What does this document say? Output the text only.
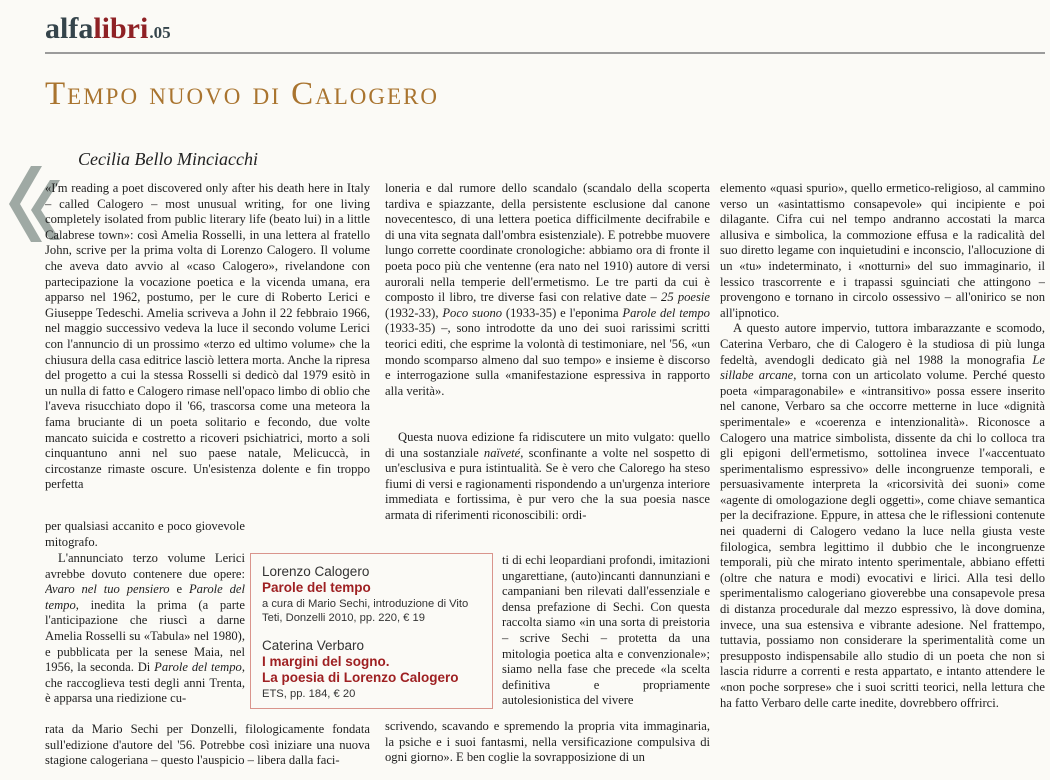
alfalibri.05
Tempo nuovo di Calogero

Cecilia Bello Minciacchi

«I'm reading a poet discovered only after his death here in Italy – called Calogero – most unusual writing, for one living completely isolated from public literary life (beato lui) in a little Calabrese town»: così Amelia Rosselli, in una lettera al fratello John, scrive per la prima volta di Lorenzo Calogero. Il volume che aveva dato avvio al «caso Calogero», rivelandone con partecipazione la vocazione poetica e la vicenda umana, era apparso nel 1962, postumo, per le cure di Roberto Lerici e Giuseppe Tedeschi. Amelia scriveva a John il 22 febbraio 1966, nel maggio successivo vedeva la luce il secondo volume Lerici con l'annuncio di un prossimo «terzo ed ultimo volume» che la chiusura della casa editrice lasciò lettera morta. Anche la ripresa del progetto a cui la stessa Rosselli si dedicò dal 1979 esitò in un nulla di fatto e Calogero rimase nell'opaco limbo di oblio che l'aveva risucchiato dopo il '66, trascorsa come una meteora la fama bruciante di un poeta solitario e fecondo, due volte mancato suicida e costretto a ricoveri psichiatrici, morto a soli cinquantuno anni nel suo paese natale, Melicuccà, in circostanze rimaste oscure. Un'esistenza dolente e fin troppo perfetta
per qualsiasi accanito e poco giovevole mitografo.
L'annunciato terzo volume Lerici avrebbe dovuto contenere due opere: Avaro nel tuo pensiero e Parole del tempo, inedita la prima (a parte l'anticipazione che riuscì a darne Amelia Rosselli su «Tabula» nel 1980), e pubblicata per la senese Maia, nel 1956, la seconda. Di Parole del tempo, che raccoglieva testi degli anni Trenta, è apparsa una riedizione cu-
rata da Mario Sechi per Donzelli, filologicamente fondata sull'edizione d'autore del '56. Potrebbe così iniziare una nuova stagione calogeriana – questo l'auspicio – libera dalla faci-
loneria e dal rumore dello scandalo (scandalo della scoperta tardiva e spiazzante, della persistente esclusione dal canone novecentesco, di una lettera poetica difficilmente decifrabile e di una vita segnata dall'ombra esistenziale). E potrebbe muovere lungo corrette coordinate cronologiche: abbiamo ora di fronte il poeta poco più che ventenne (era nato nel 1910) autore di versi aurorali nella temperie dell'ermetismo. Le tre parti da cui è composto il libro, tre diverse fasi con relative date – 25 poesie (1932-33), Poco suono (1933-35) e l'eponima Parole del tempo (1933-35) –, sono introdotte da uno dei suoi rarissimi scritti teorici editi, che esprime la volontà di testimoniare, nel '56, «un mondo scomparso almeno dal suo tempo» e insieme è discorso e interrogazione sulla «manifestazione espressiva in rapporto alla verità».
Questa nuova edizione fa ridiscutere un mito vulgato: quello di una sostanziale naïveté, sconfinante a volte nel sospetto di un'esclusiva e pura istintualità. Se è vero che Calorego ha steso fiumi di versi e ragionamenti rispondendo a un'urgenza interiore immediata e fortissima, è pur vero che la sua poesia nasce armata di riferimenti riconoscibili: ordi-
ti di echi leopardiani profondi, imitazioni ungarettiane, (auto)incanti dannunziani e campaniani ben rilevati dall'essenziale e densa prefazione di Sechi. Con questa raccolta siamo «in una sorta di preistoria – scrive Sechi – protetta da una mitologia poetica alta e convenzionale»; siamo nella fase che precede «la scelta definitiva e propriamente autolesionistica del vivere
scrivendo, scavando e spremendo la propria vita immaginaria, la psiche e i suoi fantasmi, nella versificazione compulsiva di ogni giorno». E ben coglie la sovrapposizione di un
elemento «quasi spurio», quello ermetico-religioso, al cammino verso un «asintattismo consapevole» qui incipiente e poi dilagante. Cifra cui nel tempo andranno accostati la marca allusiva e simbolica, la commozione effusa e la radicalità del suo diretto legame con inquietudini e inconscio, l'allocuzione di un «tu» indeterminato, i «notturni» del suo immaginario, il lessico trascorrente e i trapassi sguinciati che attingono – provengono e tornano in circolo ossessivo – all'onirico se non all'ipnotico.
A questo autore impervio, tuttora imbarazzante e scomodo, Caterina Verbaro, che di Calogero è la studiosa di più lunga fedeltà, avendogli dedicato già nel 1988 la monografia Le sillabe arcane, torna con un articolato volume. Perché questo poeta «imparagonabile» e «intransitivo» possa essere inserito nel canone, Verbaro sa che occorre metterne in luce «dignità sperimentale» e «coerenza e intenzionalità». Riconosce a Calogero una matrice simbolista, dissente da chi lo colloca tra gli epigoni dell'ermetismo, sottolinea invece l'«accentuato sperimentalismo espressivo» delle incongruenze temporali, e persuasivamente interpreta la «ricorsività dei suoni» come «agente di omologazione degli oggetti», come chiave semantica per la decifrazione. Eppure, in attesa che le riflessioni contenute nei quaderni di Calogero vedano la luce nella giusta veste filologica, sembra legittimo il dubbio che le incongruenze temporali, più che mirato intento sperimentale, abbiano effetti (oltre che natura e modi) evocativi e lirici. Alla tesi dello sperimentalismo calogeriano gioverebbe una consapevole presa di distanza procedurale dal mezzo espressivo, là dove domina, invece, una sua estensiva e vibrante adesione. Nel frattempo, tuttavia, possiamo non considerare la sperimentalità come un presupposto indispensabile allo studio di un poeta che non si lascia ridurre a correnti e resta appartato, e intanto attendere le «non poche sorprese» che i suoi scritti teorici, nella lettura che ha fatto Verbaro delle carte inedite, dovrebbero offrirci.
Lorenzo Calogero
Parole del tempo
a cura di Mario Sechi, introduzione di Vito Teti, Donzelli 2010, pp. 220, € 19
Caterina Verbaro
I margini del sogno.
La poesia di Lorenzo Calogero
ETS, pp. 184, € 20
